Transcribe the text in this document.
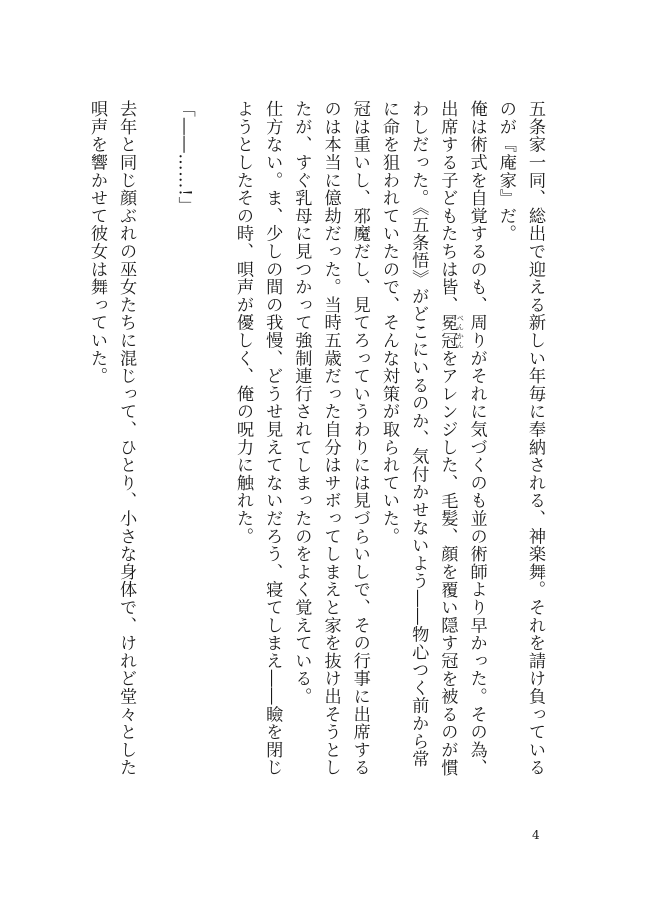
五条家一同、総出で迎える新しい年毎に奉納される、神楽舞。それを請け負っているのが『庵家』だ。

俺は術式を自覚するのも、周りがそれに気づくのも並の術師より早かった。その為、出席する子どもたちは皆、冕冠 べんかんをアレンジした、毛髪、顔を覆い隠す冠を被るのが慣わしだった。《五条悟》がどこにいるのか、気付かせないよう――物心つく前から常に命を狙われていたので、そんな対策が取られていた。

冠は重いし、邪魔だし、見てろっていうわりには見づらいしで、その行事に出席するのは本当に億劫だった。当時五歳だった自分はサボってしまえと家を抜け出そうとしたが、すぐ乳母に見つかって強制連行されてしまったのをよく覚えている。

仕方ない。ま、少しの間の我慢、どうせ見えてないだろう、寝てしまえ――瞼を閉じようとしたその時、唄声が優しく、俺の呪力に触れた。

「――……!」

去年と同じ顔ぶれの巫女たちに混じって、ひとり、小さな身体で、けれど堂々とした唄声を響かせて彼女は舞っていた。

4
